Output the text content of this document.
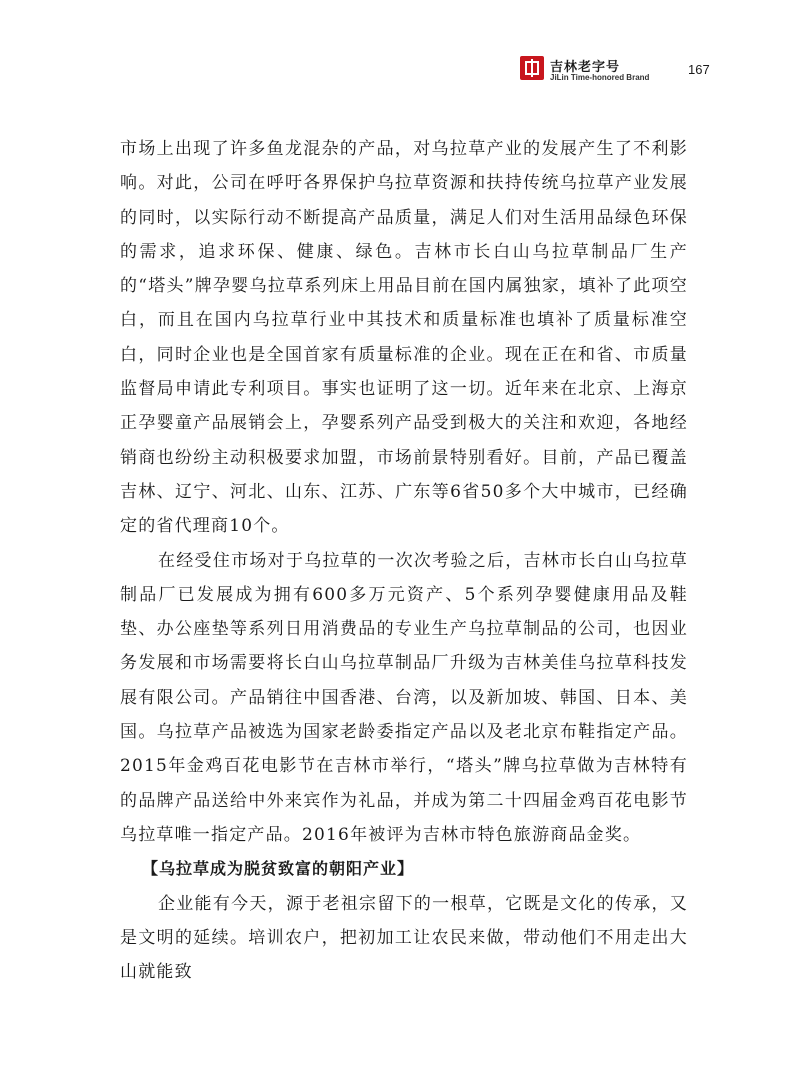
吉林老字号
JiLin Time-honored Brand
167

市场上出现了许多鱼龙混杂的产品，对乌拉草产业的发展产生了不利影响。对此，公司在呼吁各界保护乌拉草资源和扶持传统乌拉草产业发展的同时，以实际行动不断提高产品质量，满足人们对生活用品绿色环保的需求，追求环保、健康、绿色。吉林市长白山乌拉草制品厂生产的“塔头”牌孕婴乌拉草系列床上用品目前在国内属独家，填补了此项空白，而且在国内乌拉草行业中其技术和质量标准也填补了质量标准空白，同时企业也是全国首家有质量标准的企业。现在正在和省、市质量监督局申请此专利项目。事实也证明了这一切。近年来在北京、上海京正孕婴童产品展销会上，孕婴系列产品受到极大的关注和欢迎，各地经销商也纷纷主动积极要求加盟，市场前景特别看好。目前，产品已覆盖吉林、辽宁、河北、山东、江苏、广东等6省50多个大中城市，已经确定的省代理商10个。

在经受住市场对于乌拉草的一次次考验之后，吉林市长白山乌拉草制品厂已发展成为拥有600多万元资产、5个系列孕婴健康用品及鞋垫、办公座垫等系列日用消费品的专业生产乌拉草制品的公司，也因业务发展和市场需要将长白山乌拉草制品厂升级为吉林美佳乌拉草科技发展有限公司。产品销往中国香港、台湾，以及新加坡、韩国、日本、美国。乌拉草产品被选为国家老龄委指定产品以及老北京布鞋指定产品。2015年金鸡百花电影节在吉林市举行，“塔头”牌乌拉草做为吉林特有的品牌产品送给中外来宾作为礼品，并成为第二十四届金鸡百花电影节乌拉草唯一指定产品。2016年被评为吉林市特色旅游商品金奖。

【乌拉草成为脱贫致富的朝阳产业】

企业能有今天，源于老祖宗留下的一根草，它既是文化的传承，又是文明的延续。培训农户，把初加工让农民来做，带动他们不用走出大山就能致
